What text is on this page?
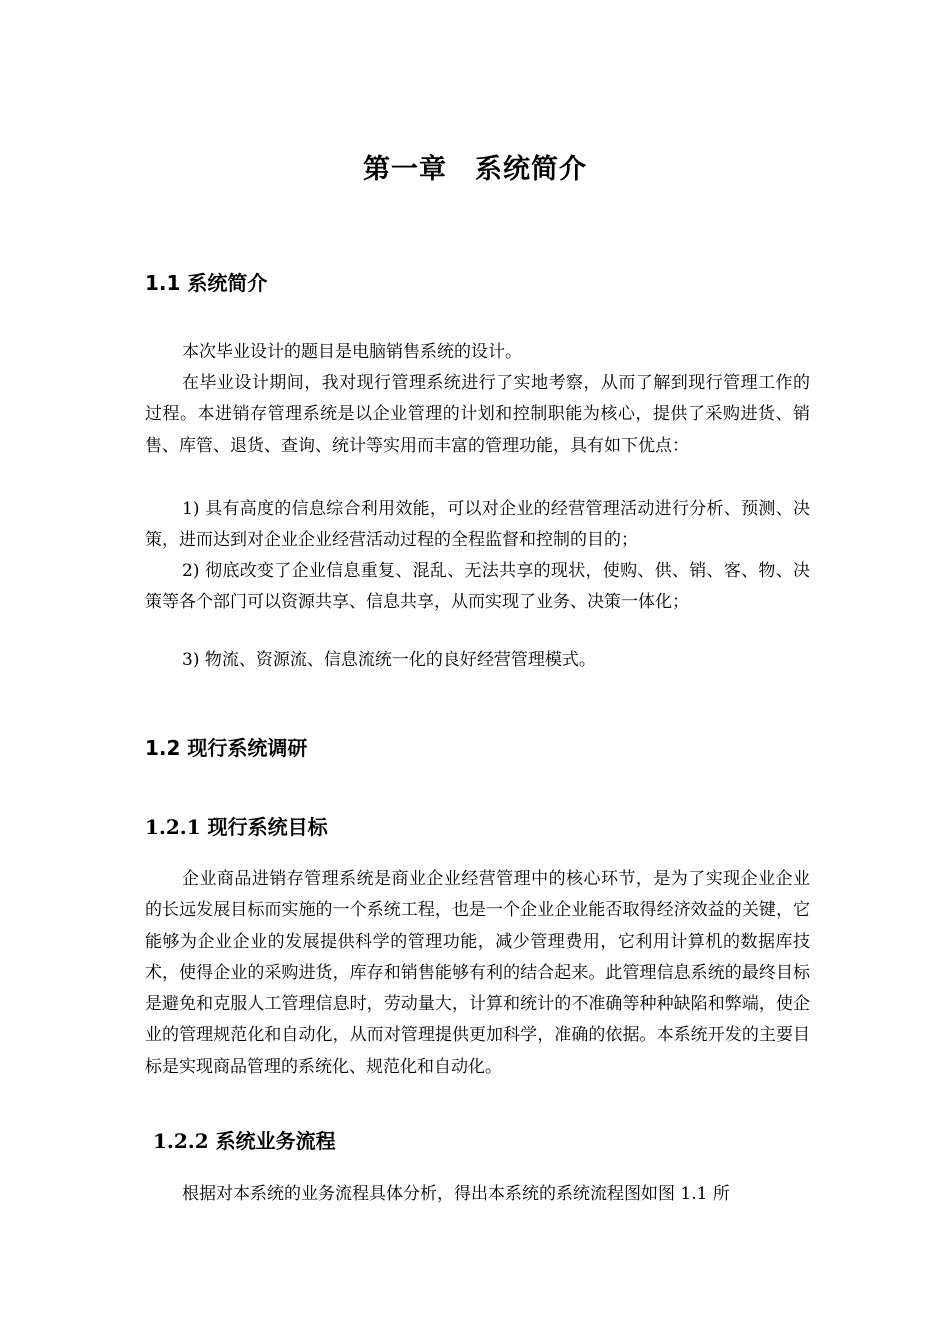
第一章　系统简介
1.1 系统简介

本次毕业设计的题目是电脑销售系统的设计。

在毕业设计期间，我对现行管理系统进行了实地考察，从而了解到现行管理工作的过程。本进销存管理系统是以企业管理的计划和控制职能为核心，提供了采购进货、销售、库管、退货、查询、统计等实用而丰富的管理功能，具有如下优点：

1) 具有高度的信息综合利用效能，可以对企业的经营管理活动进行分析、预测、决策，进而达到对企业企业经营活动过程的全程监督和控制的目的；

2) 彻底改变了企业信息重复、混乱、无法共享的现状，使购、供、销、客、物、决策等各个部门可以资源共享、信息共享，从而实现了业务、决策一体化；

3) 物流、资源流、信息流统一化的良好经营管理模式。

1.2 现行系统调研
1.2.1 现行系统目标

企业商品进销存管理系统是商业企业经营管理中的核心环节，是为了实现企业企业的长远发展目标而实施的一个系统工程，也是一个企业企业能否取得经济效益的关键，它能够为企业企业的发展提供科学的管理功能，减少管理费用，它利用计算机的数据库技术，使得企业的采购进货，库存和销售能够有利的结合起来。此管理信息系统的最终目标是避免和克服人工管理信息时，劳动量大，计算和统计的不准确等种种缺陷和弊端，使企业的管理规范化和自动化，从而对管理提供更加科学，准确的依据。本系统开发的主要目标是实现商品管理的系统化、规范化和自动化。

1.2.2 系统业务流程

根据对本系统的业务流程具体分析，得出本系统的系统流程图如图 1.1 所
